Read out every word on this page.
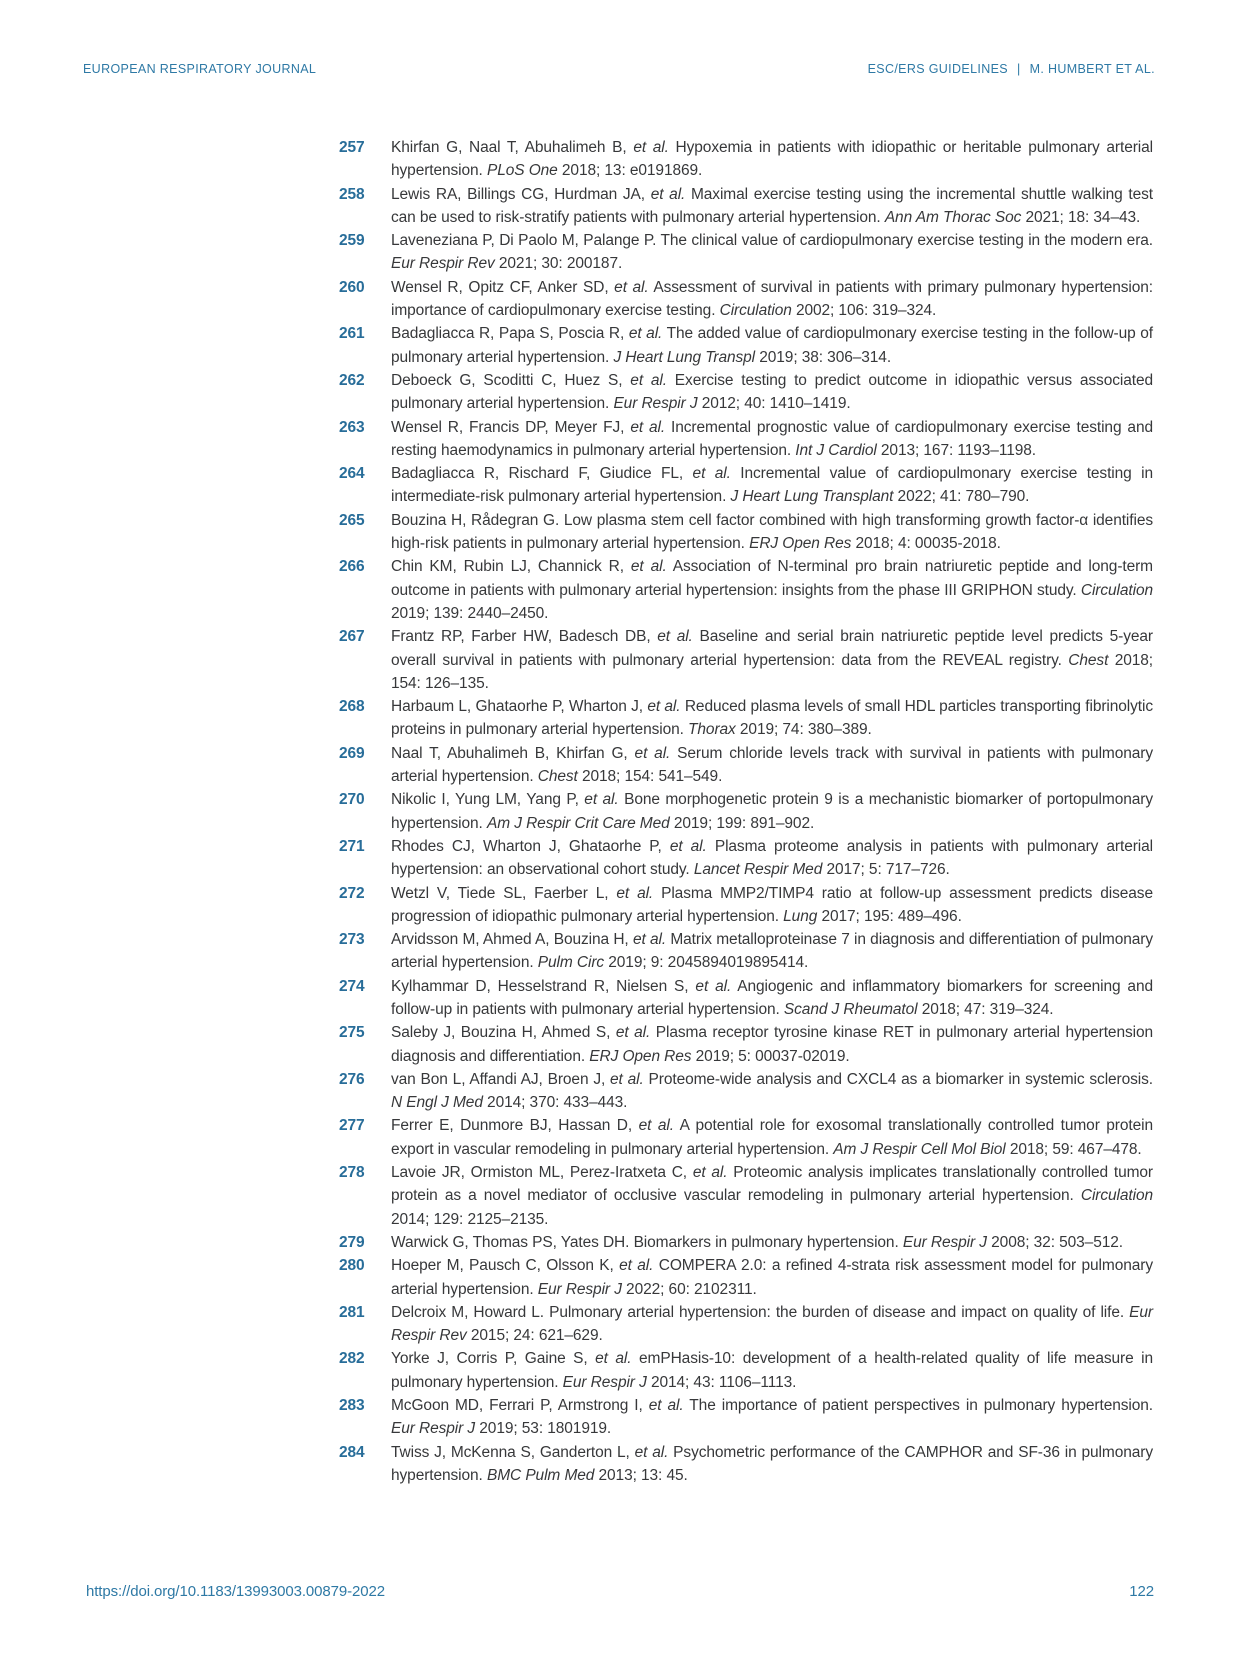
EUROPEAN RESPIRATORY JOURNAL	ESC/ERS GUIDELINES | M. HUMBERT ET AL.
257 Khirfan G, Naal T, Abuhalimeh B, et al. Hypoxemia in patients with idiopathic or heritable pulmonary arterial hypertension. PLoS One 2018; 13: e0191869.

258 Lewis RA, Billings CG, Hurdman JA, et al. Maximal exercise testing using the incremental shuttle walking test can be used to risk-stratify patients with pulmonary arterial hypertension. Ann Am Thorac Soc 2021; 18: 34–43.

259 Laveneziana P, Di Paolo M, Palange P. The clinical value of cardiopulmonary exercise testing in the modern era. Eur Respir Rev 2021; 30: 200187.

260 Wensel R, Opitz CF, Anker SD, et al. Assessment of survival in patients with primary pulmonary hypertension: importance of cardiopulmonary exercise testing. Circulation 2002; 106: 319–324.

261 Badagliacca R, Papa S, Poscia R, et al. The added value of cardiopulmonary exercise testing in the follow-up of pulmonary arterial hypertension. J Heart Lung Transpl 2019; 38: 306–314.

262 Deboeck G, Scoditti C, Huez S, et al. Exercise testing to predict outcome in idiopathic versus associated pulmonary arterial hypertension. Eur Respir J 2012; 40: 1410–1419.

263 Wensel R, Francis DP, Meyer FJ, et al. Incremental prognostic value of cardiopulmonary exercise testing and resting haemodynamics in pulmonary arterial hypertension. Int J Cardiol 2013; 167: 1193–1198.

264 Badagliacca R, Rischard F, Giudice FL, et al. Incremental value of cardiopulmonary exercise testing in intermediate-risk pulmonary arterial hypertension. J Heart Lung Transplant 2022; 41: 780–790.

265 Bouzina H, Rådegran G. Low plasma stem cell factor combined with high transforming growth factor-α identifies high-risk patients in pulmonary arterial hypertension. ERJ Open Res 2018; 4: 00035-2018.

266 Chin KM, Rubin LJ, Channick R, et al. Association of N-terminal pro brain natriuretic peptide and long-term outcome in patients with pulmonary arterial hypertension: insights from the phase III GRIPHON study. Circulation 2019; 139: 2440–2450.

267 Frantz RP, Farber HW, Badesch DB, et al. Baseline and serial brain natriuretic peptide level predicts 5-year overall survival in patients with pulmonary arterial hypertension: data from the REVEAL registry. Chest 2018; 154: 126–135.

268 Harbaum L, Ghataorhe P, Wharton J, et al. Reduced plasma levels of small HDL particles transporting fibrinolytic proteins in pulmonary arterial hypertension. Thorax 2019; 74: 380–389.

269 Naal T, Abuhalimeh B, Khirfan G, et al. Serum chloride levels track with survival in patients with pulmonary arterial hypertension. Chest 2018; 154: 541–549.

270 Nikolic I, Yung LM, Yang P, et al. Bone morphogenetic protein 9 is a mechanistic biomarker of portopulmonary hypertension. Am J Respir Crit Care Med 2019; 199: 891–902.

271 Rhodes CJ, Wharton J, Ghataorhe P, et al. Plasma proteome analysis in patients with pulmonary arterial hypertension: an observational cohort study. Lancet Respir Med 2017; 5: 717–726.

272 Wetzl V, Tiede SL, Faerber L, et al. Plasma MMP2/TIMP4 ratio at follow-up assessment predicts disease progression of idiopathic pulmonary arterial hypertension. Lung 2017; 195: 489–496.

273 Arvidsson M, Ahmed A, Bouzina H, et al. Matrix metalloproteinase 7 in diagnosis and differentiation of pulmonary arterial hypertension. Pulm Circ 2019; 9: 2045894019895414.

274 Kylhammar D, Hesselstrand R, Nielsen S, et al. Angiogenic and inflammatory biomarkers for screening and follow-up in patients with pulmonary arterial hypertension. Scand J Rheumatol 2018; 47: 319–324.

275 Saleby J, Bouzina H, Ahmed S, et al. Plasma receptor tyrosine kinase RET in pulmonary arterial hypertension diagnosis and differentiation. ERJ Open Res 2019; 5: 00037-02019.

276 van Bon L, Affandi AJ, Broen J, et al. Proteome-wide analysis and CXCL4 as a biomarker in systemic sclerosis. N Engl J Med 2014; 370: 433–443.

277 Ferrer E, Dunmore BJ, Hassan D, et al. A potential role for exosomal translationally controlled tumor protein export in vascular remodeling in pulmonary arterial hypertension. Am J Respir Cell Mol Biol 2018; 59: 467–478.

278 Lavoie JR, Ormiston ML, Perez-Iratxeta C, et al. Proteomic analysis implicates translationally controlled tumor protein as a novel mediator of occlusive vascular remodeling in pulmonary arterial hypertension. Circulation 2014; 129: 2125–2135.

279 Warwick G, Thomas PS, Yates DH. Biomarkers in pulmonary hypertension. Eur Respir J 2008; 32: 503–512.

280 Hoeper M, Pausch C, Olsson K, et al. COMPERA 2.0: a refined 4-strata risk assessment model for pulmonary arterial hypertension. Eur Respir J 2022; 60: 2102311.

281 Delcroix M, Howard L. Pulmonary arterial hypertension: the burden of disease and impact on quality of life. Eur Respir Rev 2015; 24: 621–629.

282 Yorke J, Corris P, Gaine S, et al. emPHasis-10: development of a health-related quality of life measure in pulmonary hypertension. Eur Respir J 2014; 43: 1106–1113.

283 McGoon MD, Ferrari P, Armstrong I, et al. The importance of patient perspectives in pulmonary hypertension. Eur Respir J 2019; 53: 1801919.

284 Twiss J, McKenna S, Ganderton L, et al. Psychometric performance of the CAMPHOR and SF-36 in pulmonary hypertension. BMC Pulm Med 2013; 13: 45.

https://doi.org/10.1183/13993003.00879-2022	122
